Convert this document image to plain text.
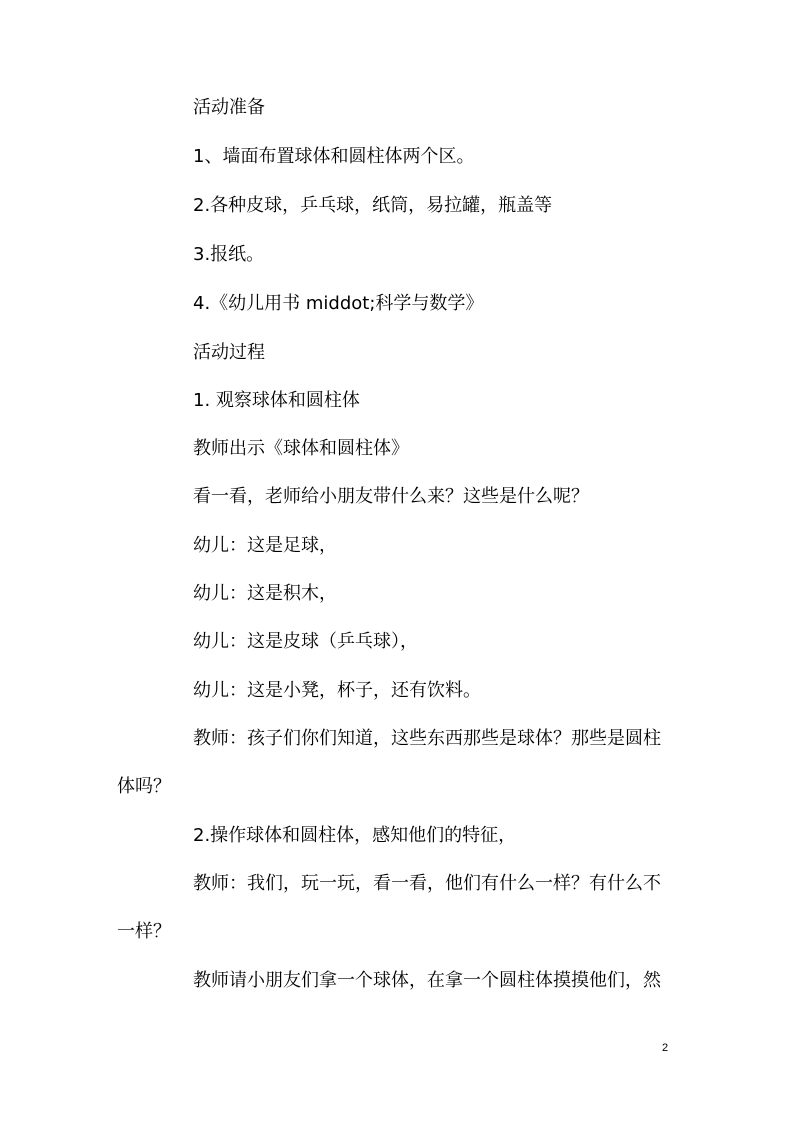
活动准备

1、墙面布置球体和圆柱体两个区。

2.各种皮球，乒乓球，纸筒，易拉罐，瓶盖等

3.报纸。

4.《幼儿用书 middot;科学与数学》

活动过程

1. 观察球体和圆柱体

教师出示《球体和圆柱体》

看一看，老师给小朋友带什么来？这些是什么呢？

幼儿：这是足球，

幼儿：这是积木，

幼儿：这是皮球（乒乓球），

幼儿：这是小凳，杯子，还有饮料。

教师：孩子们你们知道，这些东西那些是球体？那些是圆柱

体吗？

2.操作球体和圆柱体，感知他们的特征，

教师：我们，玩一玩，看一看，他们有什么一样？有什么不

一样？

教师请小朋友们拿一个球体，在拿一个圆柱体摸摸他们，然

2
